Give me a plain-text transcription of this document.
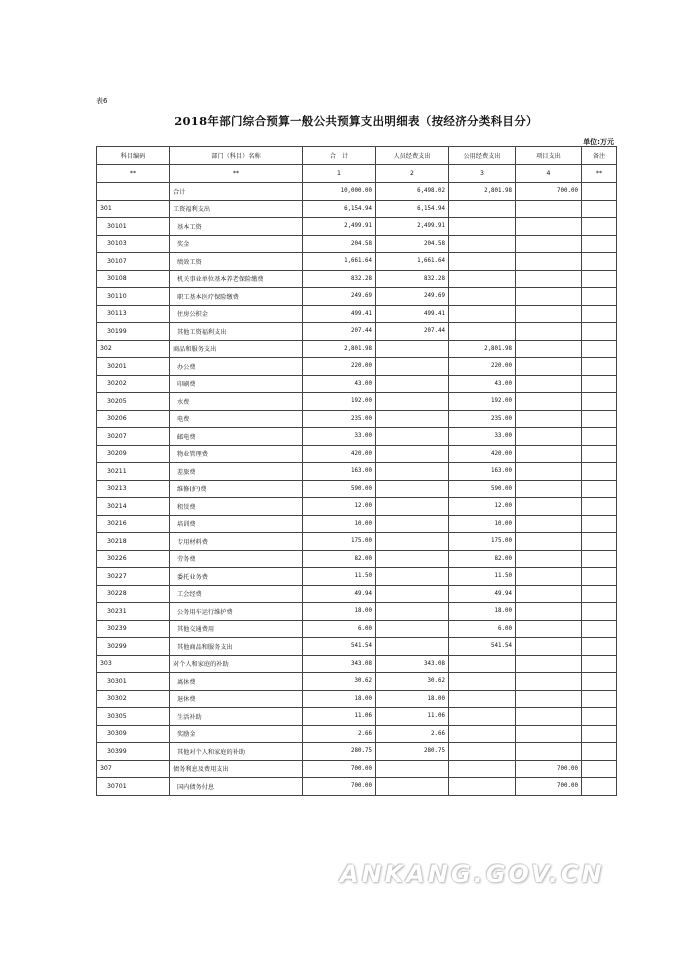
表6
2018年部门综合预算一般公共预算支出明细表（按经济分类科目分）
单位:万元
科目编码	部门（科目）名称	合　计	人员经费支出	公用经费支出	项目支出	备注
**	**	1	2	3	4	**
	合计	10,000.00	6,498.02	2,801.98	700.00	
301	工资福利支出	6,154.94	6,154.94			
30101	基本工资	2,499.91	2,499.91			
30103	奖金	204.58	204.58			
30107	绩效工资	1,661.64	1,661.64			
30108	机关事业单位基本养老保险缴费	832.28	832.28			
30110	职工基本医疗保险缴费	249.69	249.69			
30113	住房公积金	499.41	499.41			
30199	其他工资福利支出	207.44	207.44			
302	商品和服务支出	2,801.98		2,801.98		
30201	办公费	220.00		220.00		
30202	印刷费	43.00		43.00		
30205	水费	192.00		192.00		
30206	电费	235.00		235.00		
30207	邮电费	33.00		33.00		
30209	物业管理费	420.00		420.00		
30211	差旅费	163.00		163.00		
30213	维修(护)费	590.00		590.00		
30214	租赁费	12.00		12.00		
30216	培训费	10.00		10.00		
30218	专用材料费	175.00		175.00		
30226	劳务费	82.00		82.00		
30227	委托业务费	11.50		11.50		
30228	工会经费	49.94		49.94		
30231	公务用车运行维护费	18.00		18.00		
30239	其他交通费用	6.00		6.00		
30299	其他商品和服务支出	541.54		541.54		
303	对个人和家庭的补助	343.08	343.08			
30301	离休费	30.62	30.62			
30302	退休费	18.00	18.00			
30305	生活补助	11.06	11.06			
30309	奖励金	2.66	2.66			
30399	其他对个人和家庭的补助	280.75	280.75			
307	债务利息及费用支出	700.00			700.00	
30701	国内债务付息	700.00			700.00	
ANKANG.GOV.CN
